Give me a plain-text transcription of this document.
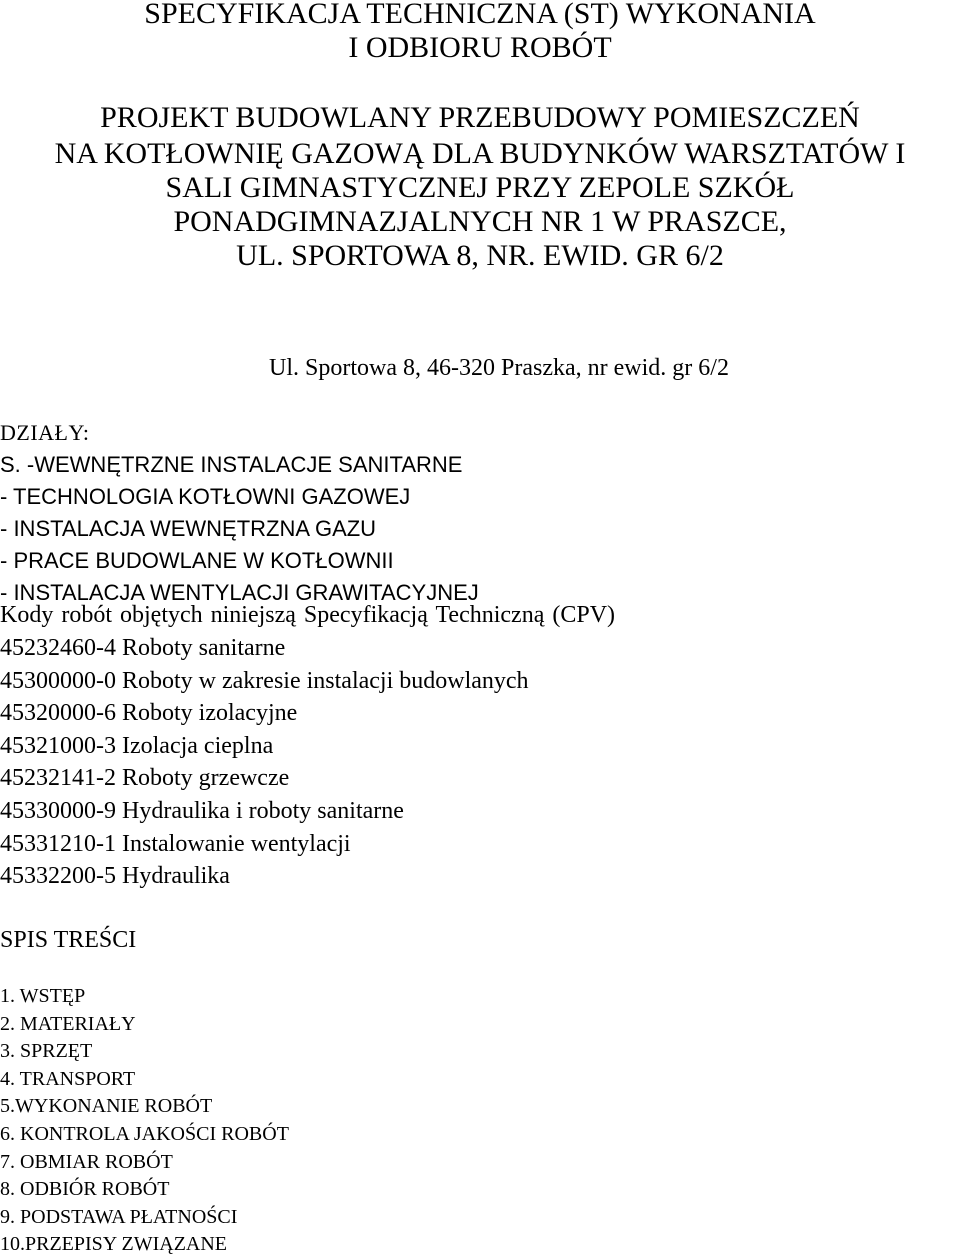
SPECYFIKACJA TECHNICZNA (ST) WYKONANIA
I ODBIORU ROBÓT
PROJEKT BUDOWLANY PRZEBUDOWY POMIESZCZEŃ
NA KOTŁOWNIĘ GAZOWĄ DLA BUDYNKÓW WARSZTATÓW I
SALI GIMNASTYCZNEJ PRZY ZEPOLE SZKÓŁ
PONADGIMNAZJALNYCH NR 1 W PRASZCE,
UL. SPORTOWA 8, NR. EWID. GR 6/2
Ul. Sportowa 8, 46-320 Praszka, nr ewid. gr 6/2
DZIAŁY:
S. -WEWNĘTRZNE INSTALACJE SANITARNE
- TECHNOLOGIA KOTŁOWNI GAZOWEJ
- INSTALACJA WEWNĘTRZNA GAZU
- PRACE BUDOWLANE W KOTŁOWNII
- INSTALACJA WENTYLACJI GRAWITACYJNEJ
Kody robót objętych niniejszą Specyfikacją Techniczną (CPV)
45232460-4 Roboty sanitarne
45300000-0 Roboty w zakresie instalacji budowlanych
45320000-6 Roboty izolacyjne
45321000-3 Izolacja cieplna
45232141-2 Roboty grzewcze
45330000-9 Hydraulika i roboty sanitarne
45331210-1 Instalowanie wentylacji
45332200-5 Hydraulika
SPIS TREŚCI
1. WSTĘP
2. MATERIAŁY
3. SPRZĘT
4. TRANSPORT
5.WYKONANIE ROBÓT
6. KONTROLA JAKOŚCI ROBÓT
7. OBMIAR ROBÓT
8. ODBIÓR ROBÓT
9. PODSTAWA PŁATNOŚCI
10.PRZEPISY ZWIĄZANE
